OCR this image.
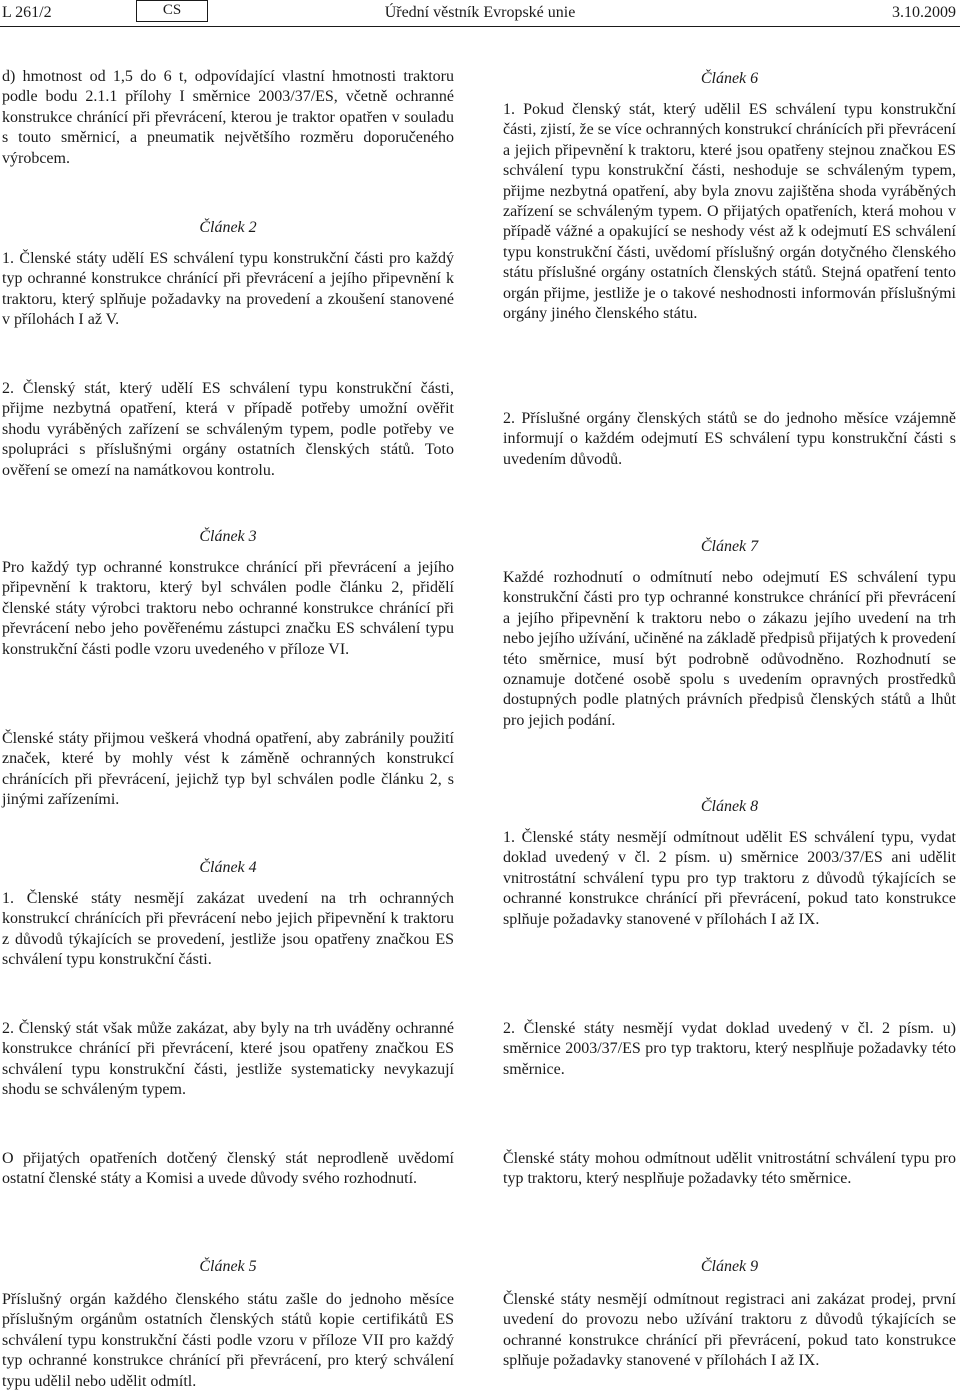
L 261/2	CS	Úřední věstník Evropské unie	3.10.2009

d) hmotnost od 1,5 do 6 t, odpovídající vlastní hmotnosti traktoru podle bodu 2.1.1 přílohy I směrnice 2003/37/ES, včetně ochranné konstrukce chránící při převrácení, kterou je traktor opatřen v souladu s touto směrnicí, a pneumatik největšího rozměru doporučeného výrobcem.

Článek 2

1. Členské státy udělí ES schválení typu konstrukční části pro každý typ ochranné konstrukce chránící při převrácení a jejího připevnění k traktoru, který splňuje požadavky na provedení a zkoušení stanovené v přílohách I až V.

2. Členský stát, který udělí ES schválení typu konstrukční části, přijme nezbytná opatření, která v případě potřeby umožní ověřit shodu vyráběných zařízení se schváleným typem, podle potřeby ve spolupráci s příslušnými orgány ostatních členských států. Toto ověření se omezí na namátkovou kontrolu.

Článek 3

Pro každý typ ochranné konstrukce chránící při převrácení a jejího připevnění k traktoru, který byl schválen podle článku 2, přidělí členské státy výrobci traktoru nebo ochranné konstrukce chránící při převrácení nebo jeho pověřenému zástupci značku ES schválení typu konstrukční části podle vzoru uvedeného v příloze VI.

Členské státy přijmou veškerá vhodná opatření, aby zabránily použití značek, které by mohly vést k záměně ochranných konstrukcí chránících při převrácení, jejichž typ byl schválen podle článku 2, s jinými zařízeními.

Článek 4

1. Členské státy nesmějí zakázat uvedení na trh ochranných konstrukcí chránících při převrácení nebo jejich připevnění k traktoru z důvodů týkajících se provedení, jestliže jsou opatřeny značkou ES schválení typu konstrukční části.

2. Členský stát však může zakázat, aby byly na trh uváděny ochranné konstrukce chránící při převrácení, které jsou opatřeny značkou ES schválení typu konstrukční části, jestliže systematicky nevykazují shodu se schváleným typem.

O přijatých opatřeních dotčený členský stát neprodleně uvědomí ostatní členské státy a Komisi a uvede důvody svého rozhodnutí.

Článek 5

Příslušný orgán každého členského státu zašle do jednoho měsíce příslušným orgánům ostatních členských států kopie certifikátů ES schválení typu konstrukční části podle vzoru v příloze VII pro každý typ ochranné konstrukce chránící při převrácení, pro který schválení typu udělil nebo udělit odmítl.

Článek 6

1. Pokud členský stát, který udělil ES schválení typu konstrukční části, zjistí, že se více ochranných konstrukcí chránících při převrácení a jejich připevnění k traktoru, které jsou opatřeny stejnou značkou ES schválení typu konstrukční části, neshoduje se schváleným typem, přijme nezbytná opatření, aby byla znovu zajištěna shoda vyráběných zařízení se schváleným typem. O přijatých opatřeních, která mohou v případě vážné a opakující se neshody vést až k odejmutí ES schválení typu konstrukční části, uvědomí příslušný orgán dotyčného členského státu příslušné orgány ostatních členských států. Stejná opatření tento orgán přijme, jestliže je o takové neshodnosti informován příslušnými orgány jiného členského státu.

2. Příslušné orgány členských států se do jednoho měsíce vzájemně informují o každém odejmutí ES schválení typu konstrukční části s uvedením důvodů.

Článek 7

Každé rozhodnutí o odmítnutí nebo odejmutí ES schválení typu konstrukční části pro typ ochranné konstrukce chránící při převrácení a jejího připevnění k traktoru nebo o zákazu jejího uvedení na trh nebo jejího užívání, učiněné na základě předpisů přijatých k provedení této směrnice, musí být podrobně odůvodněno. Rozhodnutí se oznamuje dotčené osobě spolu s uvedením opravných prostředků dostupných podle platných právních předpisů členských států a lhůt pro jejich podání.

Článek 8

1. Členské státy nesmějí odmítnout udělit ES schválení typu, vydat doklad uvedený v čl. 2 písm. u) směrnice 2003/37/ES ani udělit vnitrostátní schválení typu pro typ traktoru z důvodů týkajících se ochranné konstrukce chránící při převrácení, pokud tato konstrukce splňuje požadavky stanovené v přílohách I až IX.

2. Členské státy nesmějí vydat doklad uvedený v čl. 2 písm. u) směrnice 2003/37/ES pro typ traktoru, který nesplňuje požadavky této směrnice.

Členské státy mohou odmítnout udělit vnitrostátní schválení typu pro typ traktoru, který nesplňuje požadavky této směrnice.

Článek 9

Členské státy nesmějí odmítnout registraci ani zakázat prodej, první uvedení do provozu nebo užívání traktoru z důvodů týkajících se ochranné konstrukce chránící při převrácení, pokud tato konstrukce splňuje požadavky stanovené v přílohách I až IX.
